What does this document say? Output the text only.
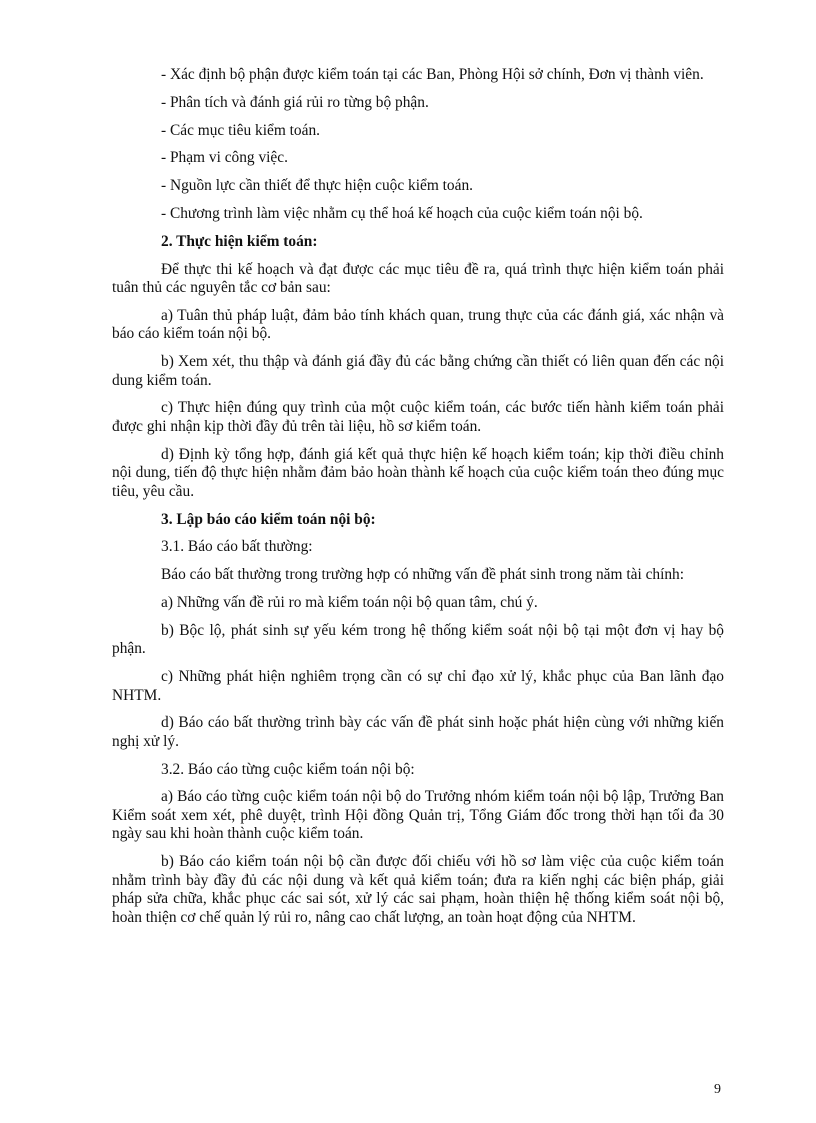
- Xác định bộ phận được kiểm toán tại các Ban, Phòng Hội sở chính, Đơn vị thành viên.

- Phân tích và đánh giá rủi ro từng bộ phận.

- Các mục tiêu kiểm toán.

- Phạm vi công việc.

- Nguồn lực cần thiết để thực hiện cuộc kiểm toán.

- Chương trình làm việc nhằm cụ thể hoá kế hoạch của cuộc kiểm toán nội bộ.

2. Thực hiện kiểm toán:

Để thực thi kế hoạch và đạt được các mục tiêu đề ra, quá trình thực hiện kiểm toán phải tuân thủ các nguyên tắc cơ bản sau:

a) Tuân thủ pháp luật, đảm bảo tính khách quan, trung thực của các đánh giá, xác nhận và báo cáo kiểm toán nội bộ.

b) Xem xét, thu thập và đánh giá đầy đủ các bằng chứng cần thiết có liên quan đến các nội dung kiểm toán.

c) Thực hiện đúng quy trình của một cuộc kiểm toán, các bước tiến hành kiểm toán phải được ghi nhận kịp thời đầy đủ trên tài liệu, hồ sơ kiểm toán.

d) Định kỳ tổng hợp, đánh giá kết quả thực hiện kế hoạch kiểm toán; kịp thời điều chỉnh nội dung, tiến độ thực hiện nhằm đảm bảo hoàn thành kế hoạch của cuộc kiểm toán theo đúng mục tiêu, yêu cầu.

3. Lập báo cáo kiểm toán nội bộ:

3.1. Báo cáo bất thường:

Báo cáo bất thường trong trường hợp có những vấn đề phát sinh trong năm tài chính:

a) Những vấn đề rủi ro mà kiểm toán nội bộ quan tâm, chú ý.

b) Bộc lộ, phát sinh sự yếu kém trong hệ thống kiểm soát nội bộ tại một đơn vị hay bộ phận.

c) Những phát hiện nghiêm trọng cần có sự chỉ đạo xử lý, khắc phục của Ban lãnh đạo NHTM.

d) Báo cáo bất thường trình bày các vấn đề phát sinh hoặc phát hiện cùng với những kiến nghị xử lý.

3.2. Báo cáo từng cuộc kiểm toán nội bộ:

a) Báo cáo từng cuộc kiểm toán nội bộ do Trưởng nhóm kiểm toán nội bộ lập, Trưởng Ban Kiểm soát xem xét, phê duyệt, trình Hội đồng Quản trị, Tổng Giám đốc trong thời hạn tối đa 30 ngày sau khi hoàn thành cuộc kiểm toán.

b) Báo cáo kiểm toán nội bộ cần được đối chiếu với hồ sơ làm việc của cuộc kiểm toán nhằm trình bày đầy đủ các nội dung và kết quả kiểm toán; đưa ra kiến nghị các biện pháp, giải pháp sửa chữa, khắc phục các sai sót, xử lý các sai phạm, hoàn thiện hệ thống kiểm soát nội bộ, hoàn thiện cơ chế quản lý rủi ro, nâng cao chất lượng, an toàn hoạt động của NHTM.

9
